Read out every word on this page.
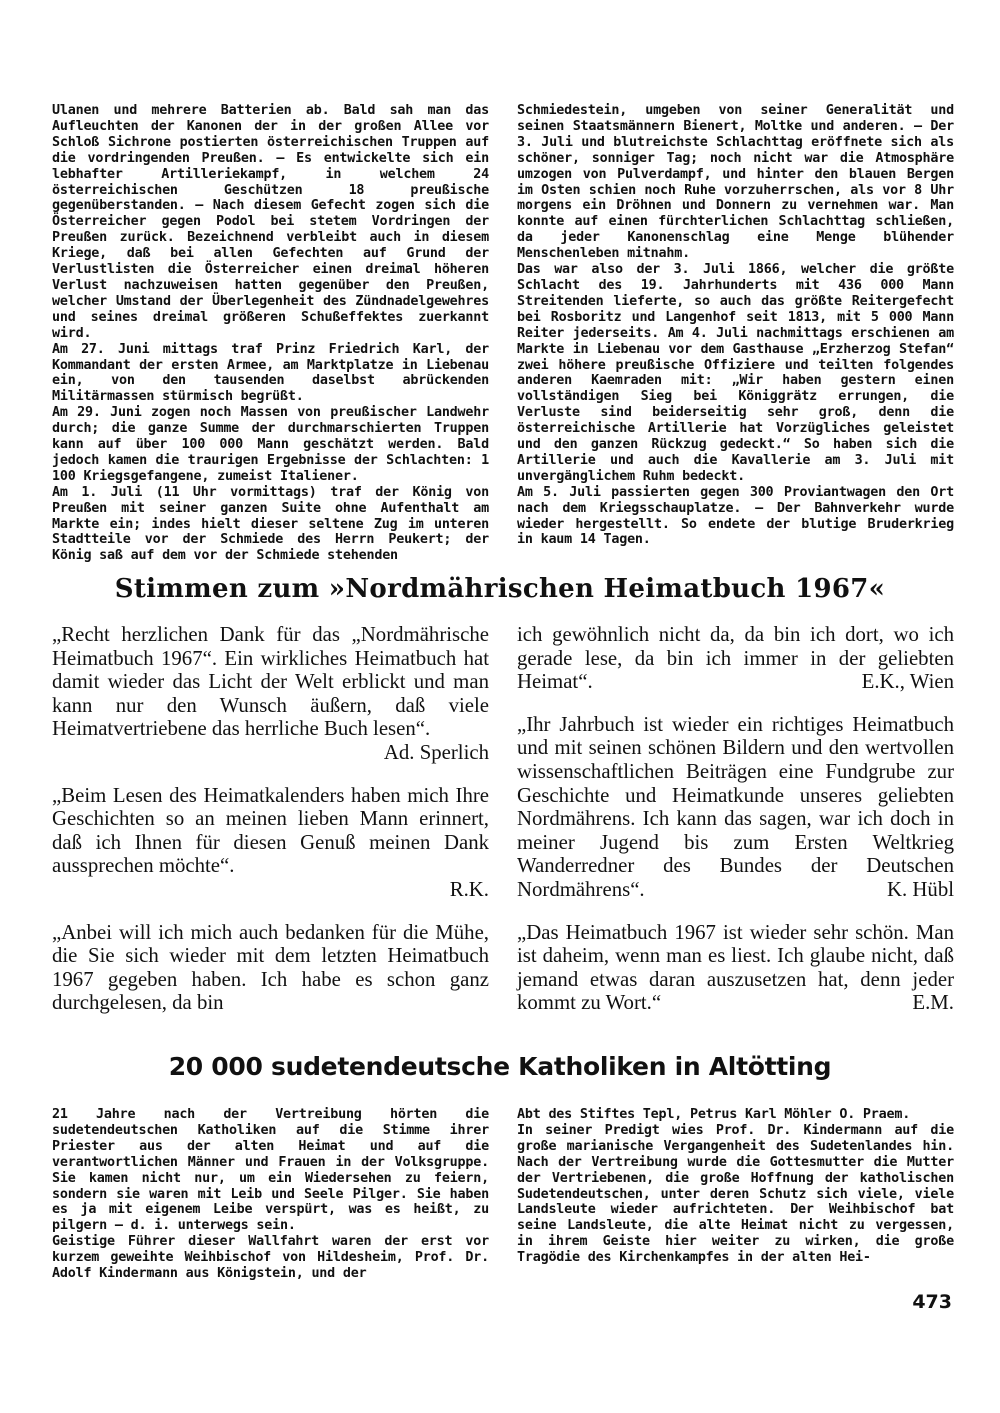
Ulanen und mehrere Batterien ab. Bald sah man das Aufleuchten der Kanonen der in der großen Allee vor Schloß Sichrone postierten österreichischen Truppen auf die vordringenden Preußen. — Es entwickelte sich ein lebhafter Artilleriekampf, in welchem 24 österreichischen Geschützen 18 preußische gegenüberstanden. — Nach diesem Gefecht zogen sich die Österreicher gegen Podol bei stetem Vordringen der Preußen zurück. Bezeichnend verbleibt auch in diesem Kriege, daß bei allen Gefechten auf Grund der Verlustlisten die Österreicher einen dreimal höheren Verlust nachzuweisen hatten gegenüber den Preußen, welcher Umstand der Überlegenheit des Zündnadelgewehres und seines dreimal größeren Schußeffektes zuerkannt wird.

Am 27. Juni mittags traf Prinz Friedrich Karl, der Kommandant der ersten Armee, am Marktplatze in Liebenau ein, von den tausenden daselbst abrückenden Militärmassen stürmisch begrüßt.

Am 29. Juni zogen noch Massen von preußischer Landwehr durch; die ganze Summe der durchmarschierten Truppen kann auf über 100 000 Mann geschätzt werden. Bald jedoch kamen die traurigen Ergebnisse der Schlachten: 1 100 Kriegsgefangene, zumeist Italiener.

Am 1. Juli (11 Uhr vormittags) traf der König von Preußen mit seiner ganzen Suite ohne Aufenthalt am Markte ein; indes hielt dieser seltene Zug im unteren Stadtteile vor der Schmiede des Herrn Peukert; der König saß auf dem vor der Schmiede stehenden

Schmiedestein, umgeben von seiner Generalität und seinen Staatsmännern Bienert, Moltke und anderen. — Der 3. Juli und blutreichste Schlachttag eröffnete sich als schöner, sonniger Tag; noch nicht war die Atmosphäre umzogen von Pulverdampf, und hinter den blauen Bergen im Osten schien noch Ruhe vorzuherrschen, als vor 8 Uhr morgens ein Dröhnen und Donnern zu vernehmen war. Man konnte auf einen fürchterlichen Schlachttag schließen, da jeder Kanonenschlag eine Menge blühender Menschenleben mitnahm.

Das war also der 3. Juli 1866, welcher die größte Schlacht des 19. Jahrhunderts mit 436 000 Mann Streitenden lieferte, so auch das größte Reitergefecht bei Rosboritz und Langenhof seit 1813, mit 5 000 Mann Reiter jederseits. Am 4. Juli nachmittags erschienen am Markte in Liebenau vor dem Gasthause „Erzherzog Stefan“ zwei höhere preußische Offiziere und teilten folgendes anderen Kaemraden mit: „Wir haben gestern einen vollständigen Sieg bei Königgrätz errungen, die Verluste sind beiderseitig sehr groß, denn die österreichische Artillerie hat Vorzügliches geleistet und den ganzen Rückzug gedeckt.“ So haben sich die Artillerie und auch die Kavallerie am 3. Juli mit unvergänglichem Ruhm bedeckt.

Am 5. Juli passierten gegen 300 Proviantwagen den Ort nach dem Kriegsschauplatze. — Der Bahnverkehr wurde wieder hergestellt. So endete der blutige Bruderkrieg in kaum 14 Tagen.

Stimmen zum »Nordmährischen Heimatbuch 1967«

„Recht herzlichen Dank für das „Nordmährische Heimatbuch 1967“. Ein wirkliches Heimatbuch hat damit wieder das Licht der Welt erblickt und man kann nur den Wunsch äußern, daß viele Heimatvertriebene das herrliche Buch lesen“.
Ad. Sperlich

„Beim Lesen des Heimatkalenders haben mich Ihre Geschichten so an meinen lieben Mann erinnert, daß ich Ihnen für diesen Genuß meinen Dank aussprechen möchte“.
R.K.

„Anbei will ich mich auch bedanken für die Mühe, die Sie sich wieder mit dem letzten Heimatbuch 1967 gegeben haben. Ich habe es schon ganz durchgelesen, da bin

ich gewöhnlich nicht da, da bin ich dort, wo ich gerade lese, da bin ich immer in der geliebten Heimat“.	E.K., Wien

„Ihr Jahrbuch ist wieder ein richtiges Heimatbuch und mit seinen schönen Bildern und den wertvollen wissenschaftlichen Beiträgen eine Fundgrube zur Geschichte und Heimatkunde unseres geliebten Nordmährens. Ich kann das sagen, war ich doch in meiner Jugend bis zum Ersten Weltkrieg Wanderredner des Bundes der Deutschen Nordmährens“.	K. Hübl

„Das Heimatbuch 1967 ist wieder sehr schön. Man ist daheim, wenn man es liest. Ich glaube nicht, daß jemand etwas daran auszusetzen hat, denn jeder kommt zu Wort.“	E.M.

20 000 sudetendeutsche Katholiken in Altötting

21 Jahre nach der Vertreibung hörten die sudetendeutschen Katholiken auf die Stimme ihrer Priester aus der alten Heimat und auf die verantwortlichen Männer und Frauen in der Volksgruppe. Sie kamen nicht nur, um ein Wiedersehen zu feiern, sondern sie waren mit Leib und Seele Pilger. Sie haben es ja mit eigenem Leibe verspürt, was es heißt, zu pilgern — d. i. unterwegs sein.

Geistige Führer dieser Wallfahrt waren der erst vor kurzem geweihte Weihbischof von Hildesheim, Prof. Dr. Adolf Kindermann aus Königstein, und der

Abt des Stiftes Tepl, Petrus Karl Möhler O. Praem.

In seiner Predigt wies Prof. Dr. Kindermann auf die große marianische Vergangenheit des Sudetenlandes hin. Nach der Vertreibung wurde die Gottesmutter die Mutter der Vertriebenen, die große Hoffnung der katholischen Sudetendeutschen, unter deren Schutz sich viele, viele Landsleute wieder aufrichteten. Der Weihbischof bat seine Landsleute, die alte Heimat nicht zu vergessen, in ihrem Geiste hier weiter zu wirken, die große Tragödie des Kirchenkampfes in der alten Hei-

473
